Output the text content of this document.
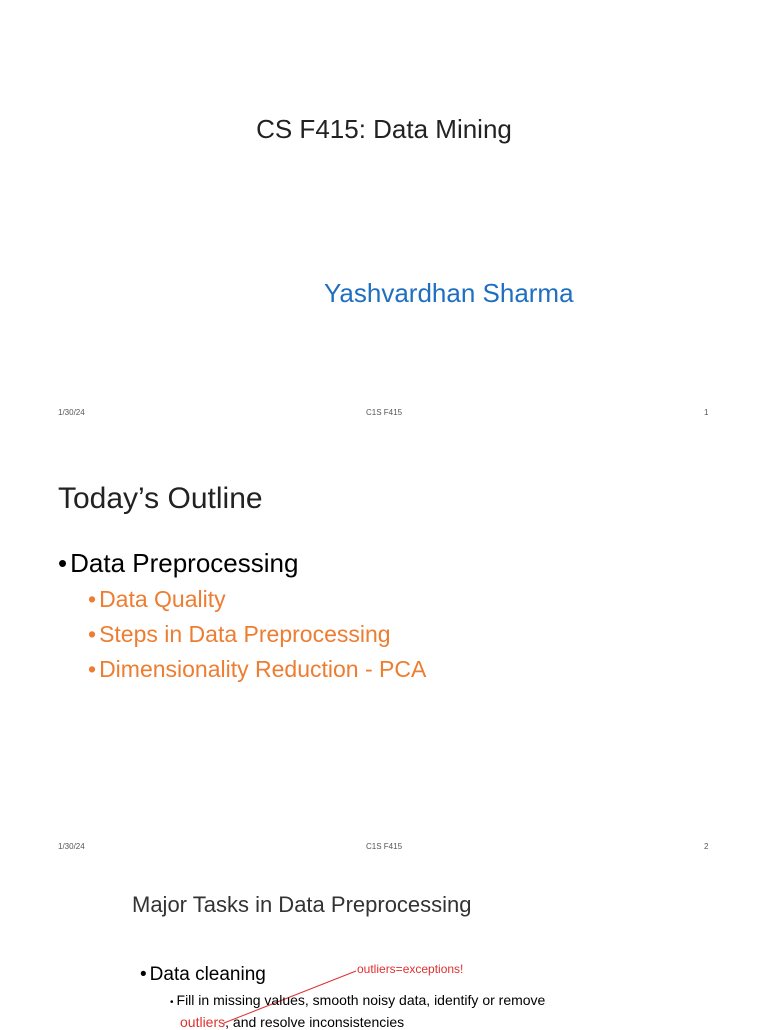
CS F415: Data Mining
Yashvardhan Sharma
1/30/24	C1S F415	1
Today’s Outline
• Data Preprocessing
• Data Quality
• Steps in Data Preprocessing
• Dimensionality Reduction - PCA
1/30/24	C1S F415	2
Major Tasks in Data Preprocessing
• Data cleaning	outliers=exceptions!
• Fill in missing values, smooth noisy data, identify or remove
outliers, and resolve inconsistencies
